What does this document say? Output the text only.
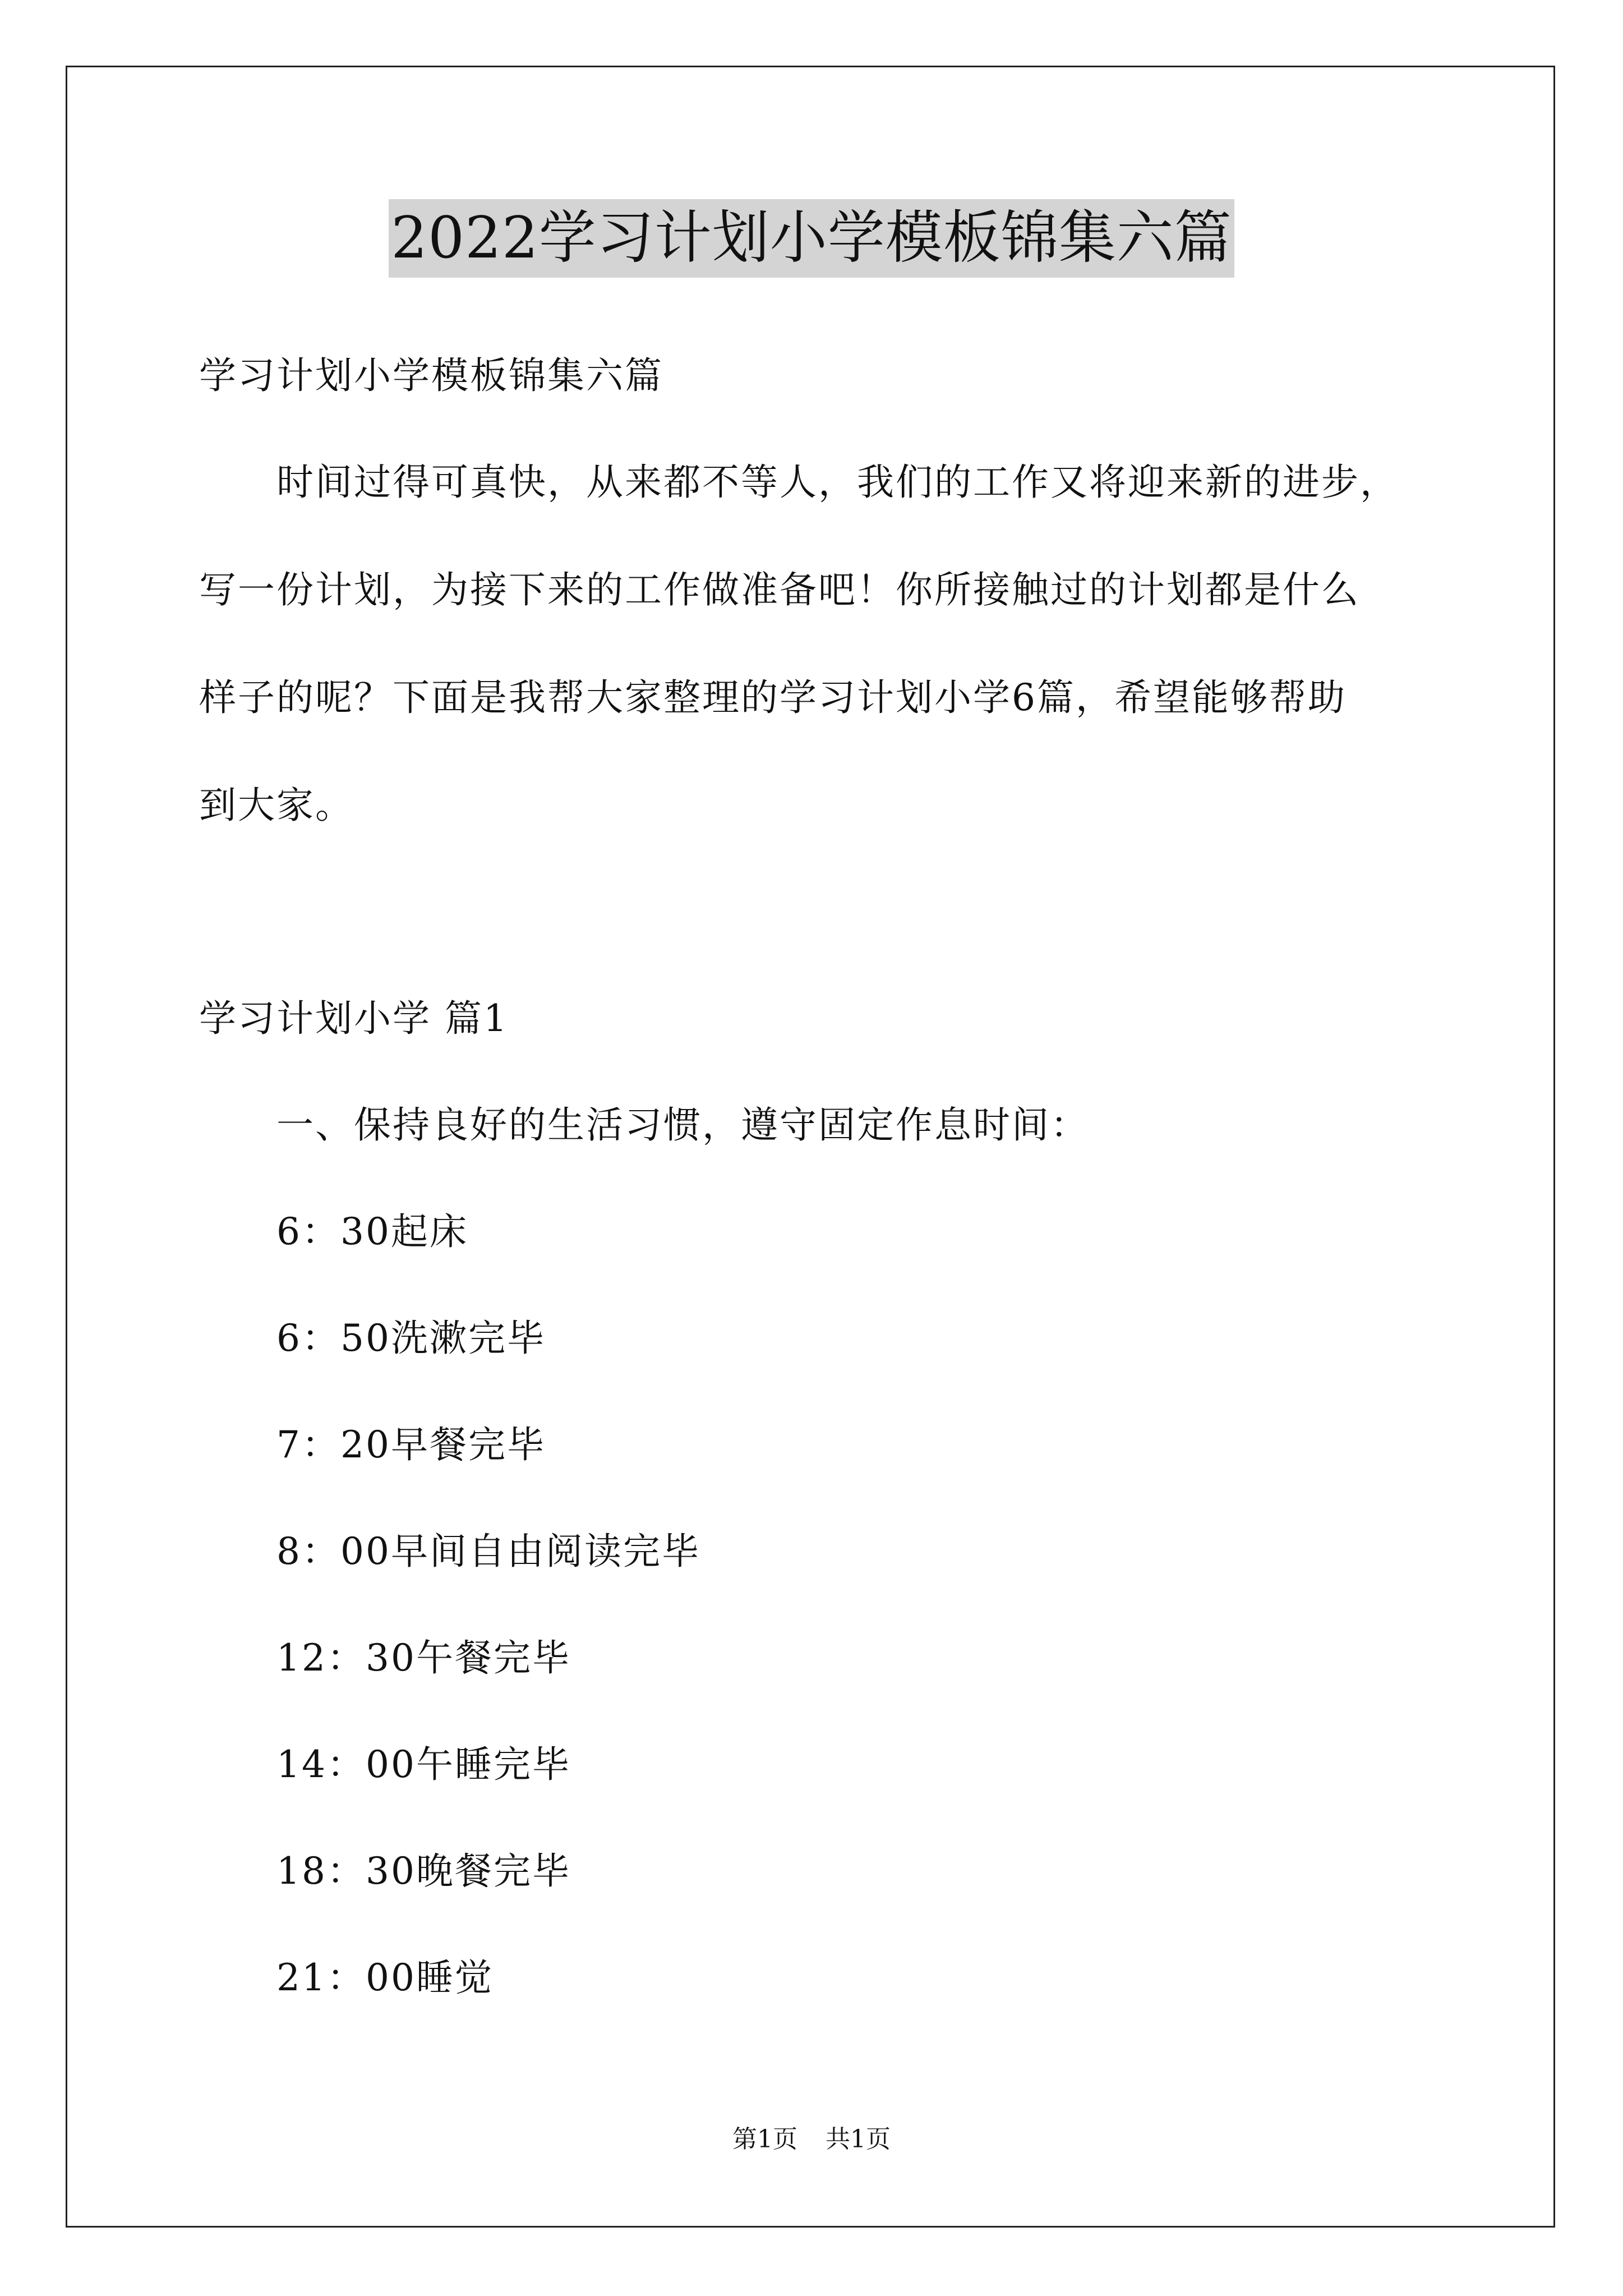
2022学习计划小学模板锦集六篇
学习计划小学模板锦集六篇
时间过得可真快，从来都不等人，我们的工作又将迎来新的进步，
写一份计划，为接下来的工作做准备吧！你所接触过的计划都是什么
样子的呢？下面是我帮大家整理的学习计划小学6篇，希望能够帮助
到大家。
学习计划小学 篇1
一、保持良好的生活习惯，遵守固定作息时间：
6：30起床
6：50洗漱完毕
7：20早餐完毕
8：00早间自由阅读完毕
12：30午餐完毕
14：00午睡完毕
18：30晚餐完毕
21：00睡觉
第1页 共1页
